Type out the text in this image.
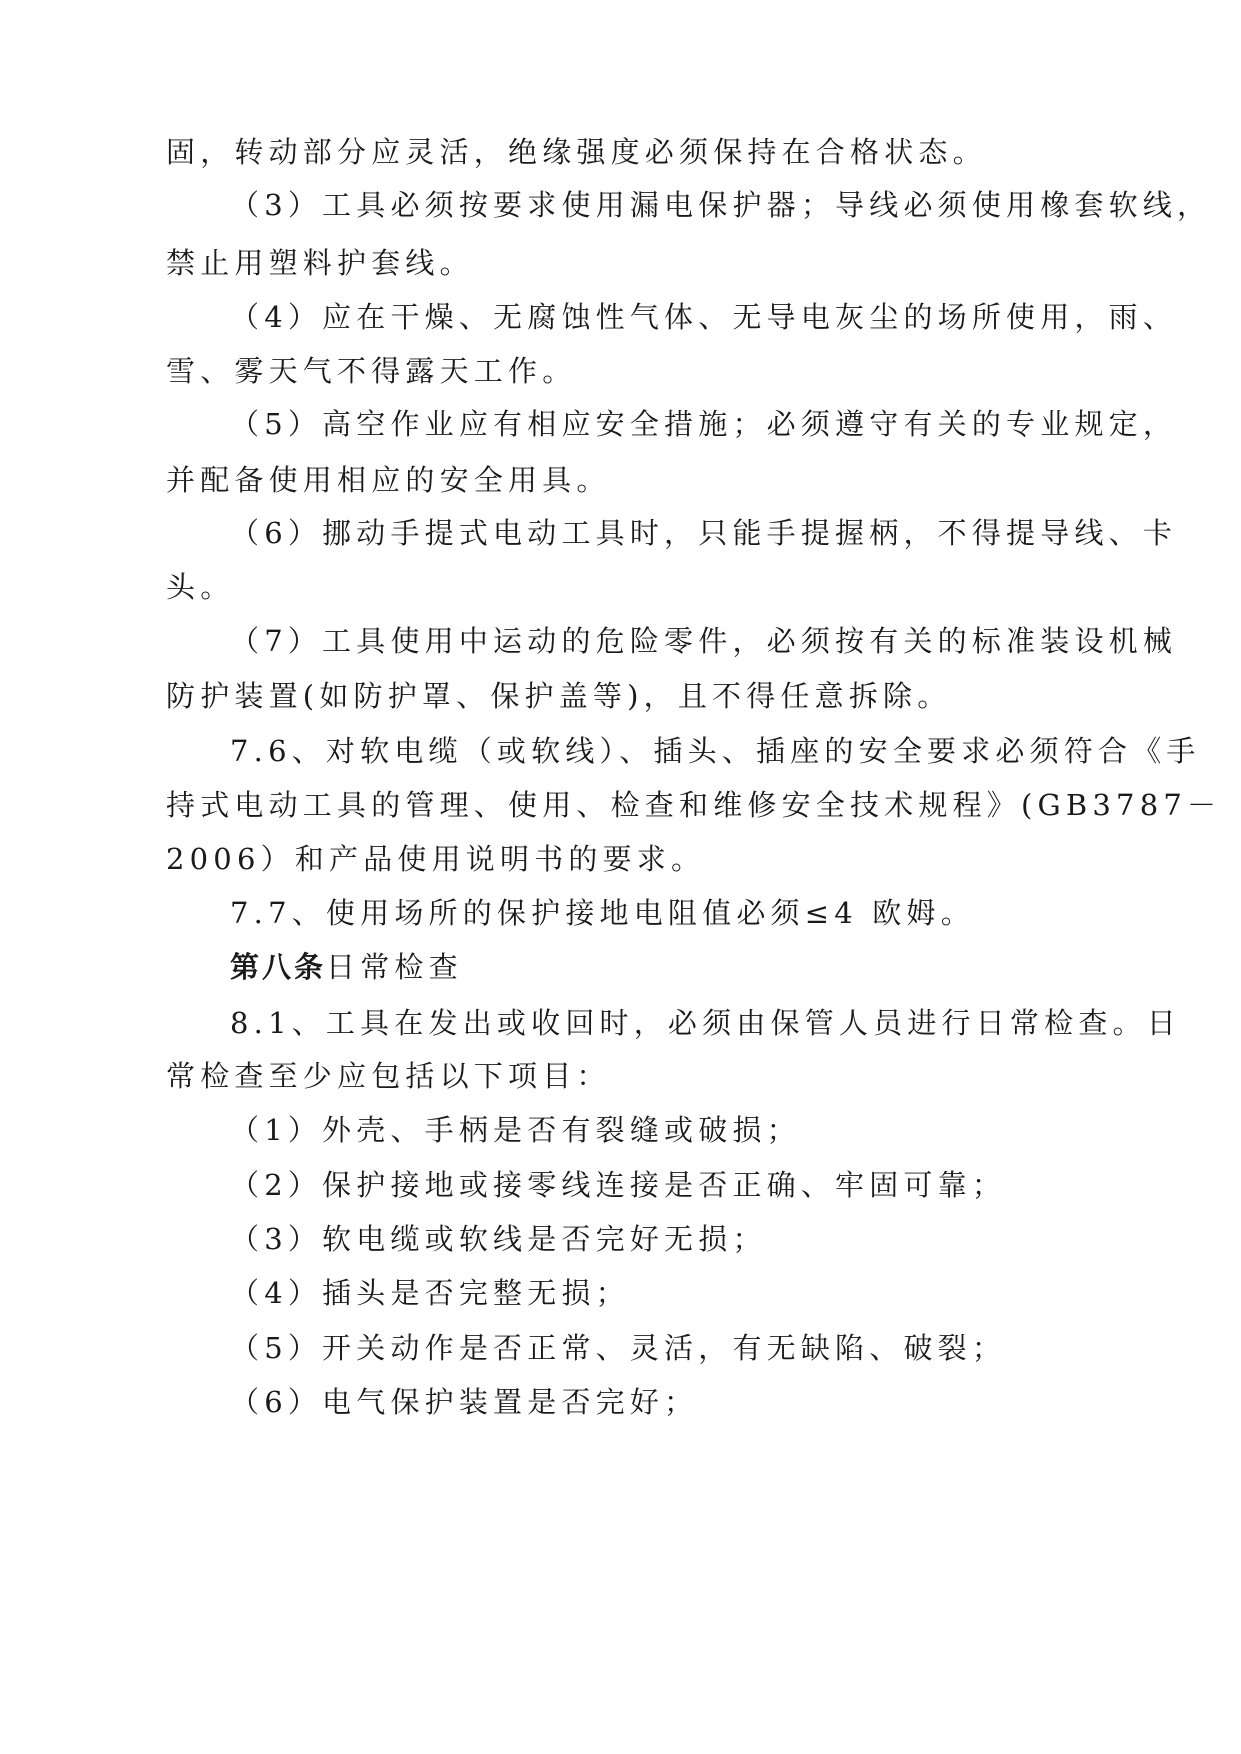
固，转动部分应灵活，绝缘强度必须保持在合格状态。
（3）工具必须按要求使用漏电保护器；导线必须使用橡套软线，
禁止用塑料护套线。
（4）应在干燥、无腐蚀性气体、无导电灰尘的场所使用，雨、
雪、雾天气不得露天工作。
（5）高空作业应有相应安全措施；必须遵守有关的专业规定，
并配备使用相应的安全用具。
（6）挪动手提式电动工具时，只能手提握柄，不得提导线、卡
头。
（7）工具使用中运动的危险零件，必须按有关的标准装设机械
防护装置(如防护罩、保护盖等)，且不得任意拆除。
7.6、对软电缆（或软线）、插头、插座的安全要求必须符合《手
持式电动工具的管理、使用、检查和维修安全技术规程》(GB3787－
2006）和产品使用说明书的要求。
7.7、使用场所的保护接地电阻值必须≤4 欧姆。
第八条日常检查
8.1、工具在发出或收回时，必须由保管人员进行日常检查。日
常检查至少应包括以下项目：
（1）外壳、手柄是否有裂缝或破损；
（2）保护接地或接零线连接是否正确、牢固可靠；
（3）软电缆或软线是否完好无损；
（4）插头是否完整无损；
（5）开关动作是否正常、灵活，有无缺陷、破裂；
（6）电气保护装置是否完好；
